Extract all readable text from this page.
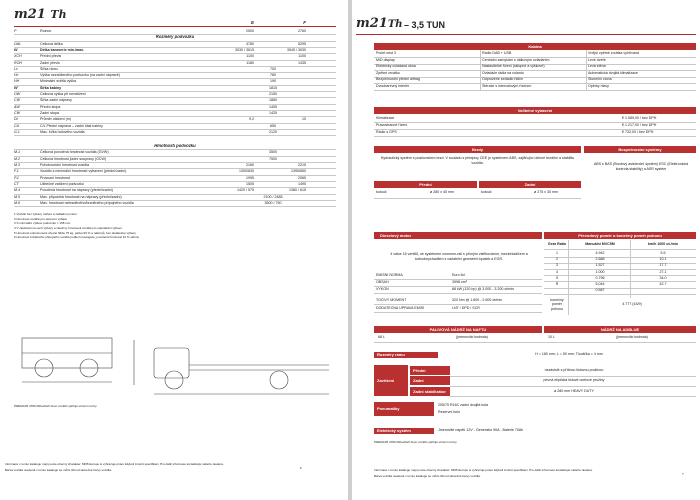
m21 Th
E	F
P	Rozvor	2500	2760
Rozměry podvozku
OAL	Celková délka	4780	5295
W	Délka karoserie min./max.	3030 / 3615	3545 / 3930
XCH	Přední převis	1100	1100
ROH	Zadní převis	1180	1435
Lc	Šířka rámu	700
Hc	Výška nezatíženého podvozku (na zadní nápravě)	760
HH	Minimální světlá výška	190
W'	Šířka kabiny	1815
OW	Celková výška při nezatížení	2150
CW	Šířka zadní nápravy	1860
AW	Přední stopa	1405
CW	Zadní stopa	1425
Dt	Průměr otáčení (m)	9,2	10
CA	C/L Přední náprava – zadní část kabiny	650
G.1	Max. šířka hotového vozidla	2120
Hmotnosti podvozku
M.1	Celková povolená hmotnost vozidla (GVW)	3500
M.2	Celková hmotnost jízdní soupravy (GCW)	7500
M.3	Pohotovostní hmotnost vozidla	2160	2215
F.1	Vozidlo s minimální hmotností vybavení (přední/zadní)	1300/830	1395/850
P.1	Provozní hmotnost	1995	2065
CT	Užitečné zatížení podvozku	1505	1495
M.4	Povolená hmotnost na nápravy (přední/zadní)	1420 / 575	1380 / 615
M.5	Max. přípustná hmotnost na nápravy (přední/zadní)	2100 / 2485
M.6	Max. hmotnost nebrzděného/brzděného přípojného vozidla	3500 / 750
1 Vozidlo bez výbavy měření a základní prostor
2 Hmotnost vozidla pro sériovou výbavu
3 S minimální výškou podvozku = 158 mm
4 V závislosti na verzi výbavy a všechny hmotnosti vozidla pro standardní výbavu
5 Hmotnost pohotovostní včetně řidiče 75 kg, paliva 90 % a nástrojů, bez dodatečné výbavy
6 Hmotnost brzděného přípojného vozidla podle homologace, povolená hmotnost 12 % sklonu
PREMIUM 4700 Mitsubishi Fuso vozidlo splňuje emisní normy
Informace v tomto katalogu mají pouze obecný charakter. MKB Europe si vyhrazuje právo kdykoli změnit specifikaci. Pro další informace kontaktujte našeho dealera.
Barva vozidla uvedená v tomto katalogu se může lišit od skutečné barvy vozidla.	6
m21Th – 3,5 TUN
Kabina
Počet míst 3	Rádio DAB + USB	Vnější zpětné zrcátka vyhřívaná
MID display	Centrální zamykání s dálkovým ovládáním	Levé dveře
Elektricky ovládaná okna	Nastavitelné řízení (sklopné a výškové)	Levá stěna
Zpětné zrcátko	Ovladače rádia na volantu	Automatická dvojitá klimatizace
Bezpečnostní přední airbag	Odpružené sedadlo řidiče	Sluneční clona
Dvoubarevný interiér	Stěrače s intervalovým řízením	Opěrky hlavy
Volitelné vybavení
Klimatizace	€ 1.089,00 / bez DPH
Pravostranné řízení	€ 1.217,00 / bez DPH
Rádio s GPS	€ 732,00 / bez DPH
Brzdy	Bezpečnostní systémy
Hydraulický systém s posilovačem brzd. V souladu s předpisy CEE je systémem ABS, zajišťující účinné brzdění a stabilitu vozidla.	ABS s BAS (Brzdový asistenční systém) ESC (Elektronická kontrola stability) a ASR systém
Přední	Zadní
kotouč	ø 280 x 40 mm	kotouč	ø 275 x 30 mm
Dieselový motor	Převodový poměr a konečný poměr pohonu
4 válce 16 ventilů, se systémem common-rail s přímým vstřikováním, mezichladičem a turbodmychadlem s variabilní geometrií lopatek a EGR.
EMISNÍ NORMA	Euro 6d
OBSAH	3998 cm³
VÝKON	88 kW (120 hp) @ 3.000 - 3.200 ot/min
TOČIVÝ MOMENT	320 Nm @ 1.600 - 2.600 ot/min
DODATEČNÁ ÚPRAVA EMISÍ	LNT / DPD / SCR
Gear Ratio	Manuální MVC5M	km/h 1000 ot./min
1	4.942	5.5
2	2.688	10.1
3	1.527	17.7
4	1.000	27.1
5	0.796	34.0
R	5.044	42.7
0.587
konečný poměr pohonu
4.777 (43/9)
PALIVOVÁ NÁDRŽ NA NAFTU	NÁDRŽ NA ADBLUE
68 L	(jmenovitá hodnota)	10 L	(jmenovitá hodnota)
Rozměry rámu	H = 180 mm; L = 50 mm; Tloušťka = 4 mm
Zavěšení
Přední	nezávislé s příčnou listovou pružinou
Zadní	pevná eliptická listové ocelové pružiny
Zadní stabilizátor	ø 280 mm HEAVY DUTY
Pneumatiky
205/75 R16C zadní dvojitá kola
Rezervní kolo
Elektrický systém	Jmenovité napětí 12V - Generátor 90A - Baterie 70Ah
PREMIUM 4700 Mitsubishi Fuso vozidlo splňuje emisní normy
Informace v tomto katalogu mají pouze obecný charakter. MKB Europe si vyhrazuje právo kdykoli změnit specifikaci. Pro další informace kontaktujte našeho dealera.
Barva vozidla uvedená v tomto katalogu se může lišit od skutečné barvy vozidla.	7
